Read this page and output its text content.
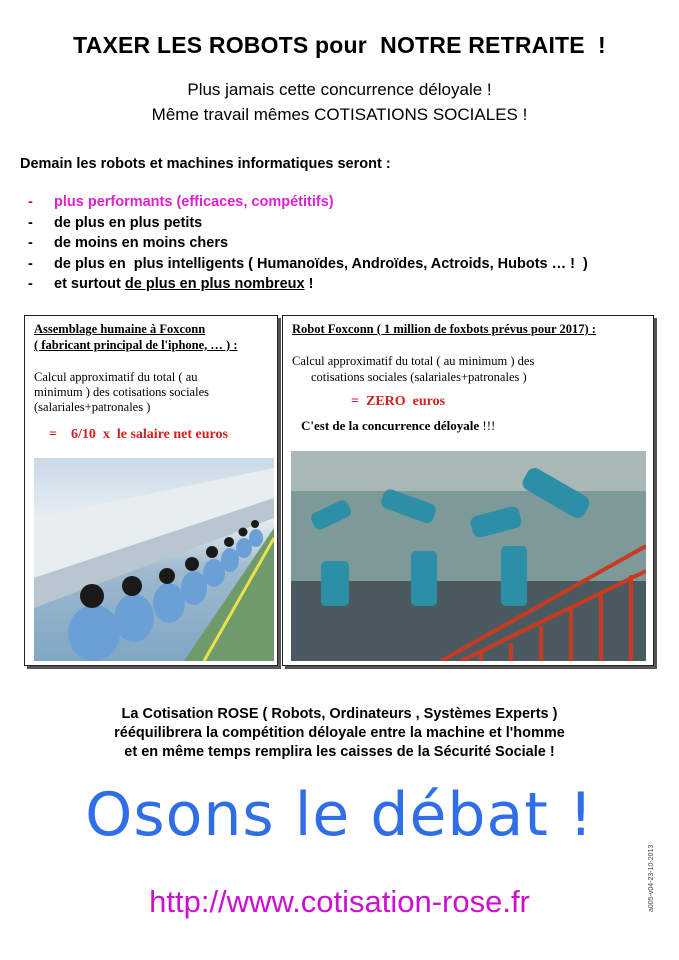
TAXER LES ROBOTS pour  NOTRE RETRAITE  !
Plus jamais cette concurrence déloyale !
Même travail mêmes COTISATIONS SOCIALES !
Demain les robots et machines informatiques seront :
- plus performants (efficaces, compétitifs)
- de plus en plus petits
- de moins en moins chers
- de plus en  plus intelligents ( Humanoïdes, Androïdes, Actroids, Hubots … !  )
- et surtout de plus en plus nombreux !
Assemblage humaine à Foxconn
( fabricant principal de l'iphone, … ) :
Calcul approximatif du total ( au minimum ) des cotisations sociales (salariales+patronales )
=    6/10  x  le salaire net euros
Robot Foxconn ( 1 million de foxbots prévus pour 2017) :
Calcul approximatif du total ( au minimum ) des
cotisations sociales (salariales+patronales )
=  ZERO  euros
C'est de la concurrence déloyale !!!
La Cotisation ROSE ( Robots, Ordinateurs , Systèmes Experts )
rééquilibrera la compétition déloyale entre la machine et l'homme
et en même temps remplira les caisses de la Sécurité Sociale !
Osons le débat !
http://www.cotisation-rose.fr	a005-v04-23-10-2013
